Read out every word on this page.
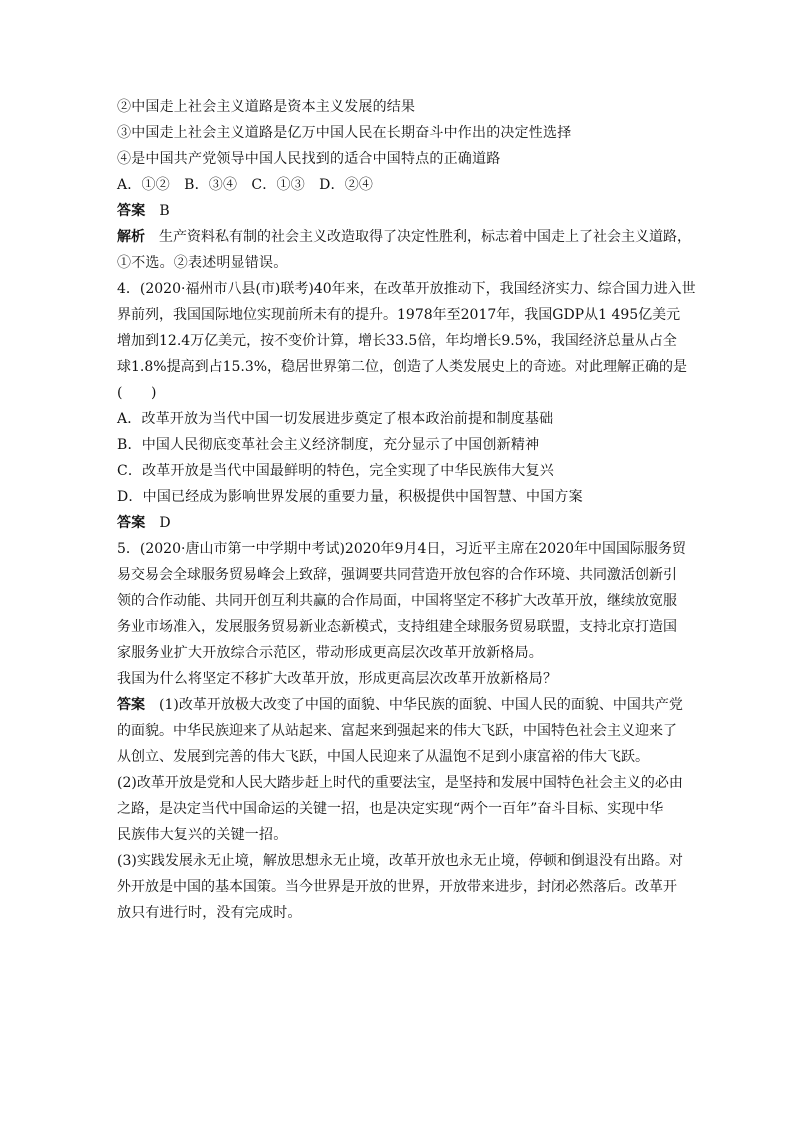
②中国走上社会主义道路是资本主义发展的结果
③中国走上社会主义道路是亿万中国人民在长期奋斗中作出的决定性选择
④是中国共产党领导中国人民找到的适合中国特点的正确道路
A．①②　B．③④　C．①③　D．②④
答案 B
解析 生产资料私有制的社会主义改造取得了决定性胜利，标志着中国走上了社会主义道路，
①不选。②表述明显错误。
4．(2020·福州市八县(市)联考)40年来，在改革开放推动下，我国经济实力、综合国力进入世
界前列，我国国际地位实现前所未有的提升。1978年至2017年，我国GDP从1 495亿美元
增加到12.4万亿美元，按不变价计算，增长33.5倍，年均增长9.5%，我国经济总量从占全
球1.8%提高到占15.3%，稳居世界第二位，创造了人类发展史上的奇迹。对此理解正确的是
(　　)
A．改革开放为当代中国一切发展进步奠定了根本政治前提和制度基础
B．中国人民彻底变革社会主义经济制度，充分显示了中国创新精神
C．改革开放是当代中国最鲜明的特色，完全实现了中华民族伟大复兴
D．中国已经成为影响世界发展的重要力量，积极提供中国智慧、中国方案
答案 D
5．(2020·唐山市第一中学期中考试)2020年9月4日，习近平主席在2020年中国国际服务贸
易交易会全球服务贸易峰会上致辞，强调要共同营造开放包容的合作环境、共同激活创新引
领的合作动能、共同开创互利共赢的合作局面，中国将坚定不移扩大改革开放，继续放宽服
务业市场准入，发展服务贸易新业态新模式，支持组建全球服务贸易联盟，支持北京打造国
家服务业扩大开放综合示范区，带动形成更高层次改革开放新格局。
我国为什么将坚定不移扩大改革开放，形成更高层次改革开放新格局？
答案 (1)改革开放极大改变了中国的面貌、中华民族的面貌、中国人民的面貌、中国共产党
的面貌。中华民族迎来了从站起来、富起来到强起来的伟大飞跃，中国特色社会主义迎来了
从创立、发展到完善的伟大飞跃，中国人民迎来了从温饱不足到小康富裕的伟大飞跃。
(2)改革开放是党和人民大踏步赶上时代的重要法宝，是坚持和发展中国特色社会主义的必由
之路，是决定当代中国命运的关键一招，也是决定实现“两个一百年”奋斗目标、实现中华
民族伟大复兴的关键一招。
(3)实践发展永无止境，解放思想永无止境，改革开放也永无止境，停顿和倒退没有出路。对
外开放是中国的基本国策。当今世界是开放的世界，开放带来进步，封闭必然落后。改革开
放只有进行时，没有完成时。
